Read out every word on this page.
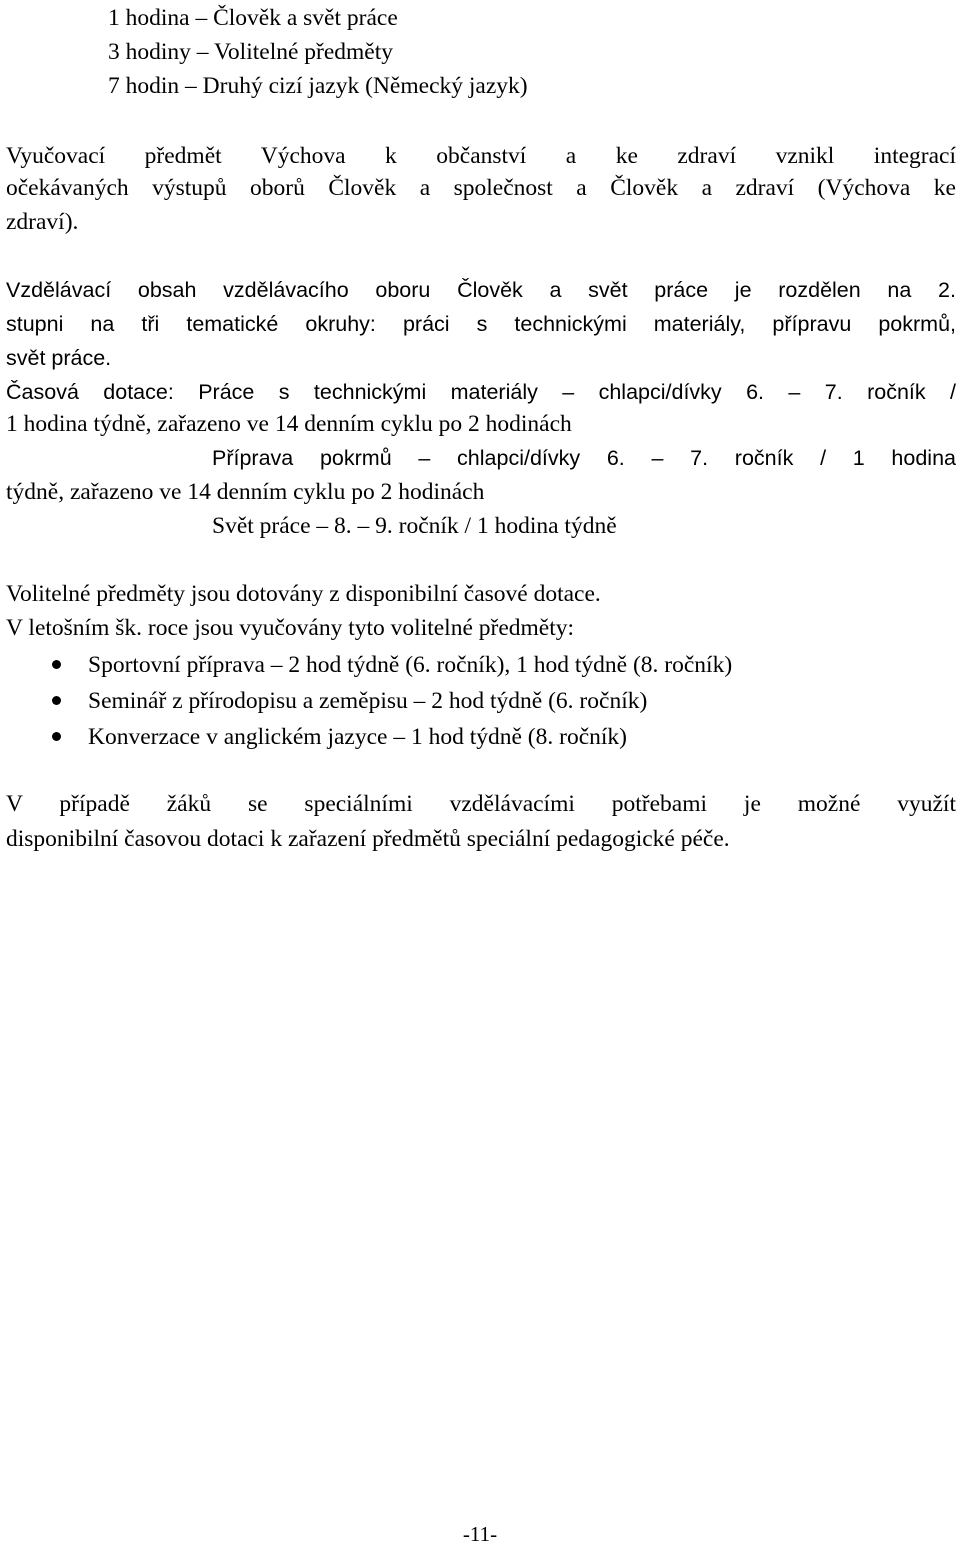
1 hodina – Člověk a svět práce
3 hodiny – Volitelné předměty
7 hodin – Druhý cizí jazyk (Německý jazyk)
Vyučovací předmět Výchova k občanství a ke zdraví vznikl integrací
očekávaných výstupů oborů Člověk a společnost a Člověk a zdraví (Výchova ke
zdraví).
Vzdělávací obsah vzdělávacího oboru Člověk a svět práce je rozdělen na 2.
stupni na tři tematické okruhy: práci s technickými materiály, přípravu pokrmů,
svět práce.
Časová dotace: Práce s technickými materiály – chlapci/dívky 6. – 7. ročník /
1 hodina týdně, zařazeno ve 14 denním cyklu po 2 hodinách
Příprava pokrmů – chlapci/dívky 6. – 7. ročník / 1 hodina
týdně, zařazeno ve 14 denním cyklu po 2 hodinách
Svět práce – 8. – 9. ročník / 1 hodina týdně
Volitelné předměty jsou dotovány z disponibilní časové dotace.
V letošním šk. roce jsou vyučovány tyto volitelné předměty:
Sportovní příprava – 2 hod týdně (6. ročník), 1 hod týdně (8. ročník)
Seminář z přírodopisu a zeměpisu – 2 hod týdně (6. ročník)
Konverzace v anglickém jazyce – 1 hod týdně (8. ročník)
V případě žáků se speciálními vzdělávacími potřebami je možné využít
disponibilní časovou dotaci k zařazení předmětů speciální pedagogické péče.
-11-
